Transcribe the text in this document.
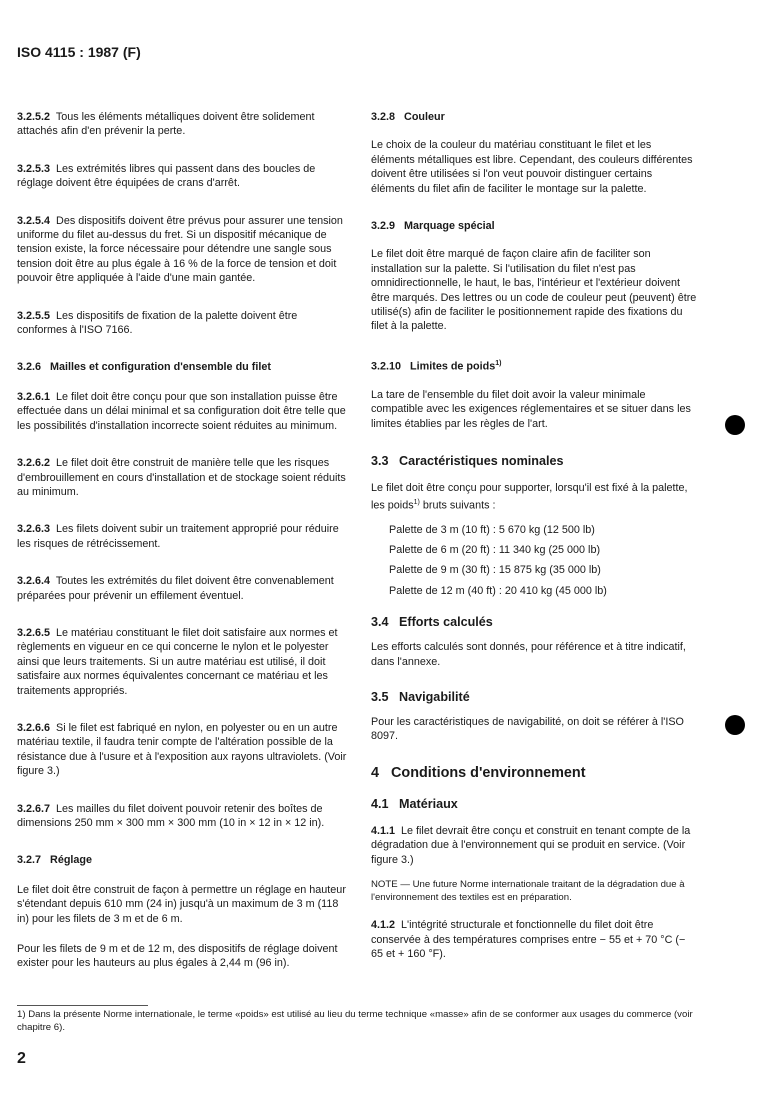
ISO 4115 : 1987 (F)

3.2.5.2 Tous les éléments métalliques doivent être solidement attachés afin d'en prévenir la perte.

3.2.5.3 Les extrémités libres qui passent dans des boucles de réglage doivent être équipées de crans d'arrêt.

3.2.5.4 Des dispositifs doivent être prévus pour assurer une tension uniforme du filet au-dessus du fret. Si un dispositif mécanique de tension existe, la force nécessaire pour détendre une sangle sous tension doit être au plus égale à 16 % de la force de tension et doit pouvoir être appliquée à l'aide d'une main gantée.

3.2.5.5 Les dispositifs de fixation de la palette doivent être conformes à l'ISO 7166.

3.2.6 Mailles et configuration d'ensemble du filet

3.2.6.1 Le filet doit être conçu pour que son installation puisse être effectuée dans un délai minimal et sa configuration doit être telle que les possibilités d'installation incorrecte soient réduites au minimum.

3.2.6.2 Le filet doit être construit de manière telle que les risques d'embrouillement en cours d'installation et de stockage soient réduits au minimum.

3.2.6.3 Les filets doivent subir un traitement approprié pour réduire les risques de rétrécissement.

3.2.6.4 Toutes les extrémités du filet doivent être convenablement préparées pour prévenir un effilement éventuel.

3.2.6.5 Le matériau constituant le filet doit satisfaire aux normes et règlements en vigueur en ce qui concerne le nylon et le polyester ainsi que leurs traitements. Si un autre matériau est utilisé, il doit satisfaire aux normes équivalentes concernant ce matériau et les traitements appropriés.

3.2.6.6 Si le filet est fabriqué en nylon, en polyester ou en un autre matériau textile, il faudra tenir compte de l'altération possible de la résistance due à l'usure et à l'exposition aux rayons ultraviolets. (Voir figure 3.)

3.2.6.7 Les mailles du filet doivent pouvoir retenir des boîtes de dimensions 250 mm × 300 mm × 300 mm (10 in × 12 in × 12 in).

3.2.7 Réglage

Le filet doit être construit de façon à permettre un réglage en hauteur s'étendant depuis 610 mm (24 in) jusqu'à un maximum de 3 m (118 in) pour les filets de 3 m et de 6 m.

Pour les filets de 9 m et de 12 m, des dispositifs de réglage doivent exister pour les hauteurs au plus égales à 2,44 m (96 in).

3.2.8 Couleur

Le choix de la couleur du matériau constituant le filet et les éléments métalliques est libre. Cependant, des couleurs différentes doivent être utilisées si l'on veut pouvoir distinguer certains éléments du filet afin de faciliter le montage sur la palette.

3.2.9 Marquage spécial

Le filet doit être marqué de façon claire afin de faciliter son installation sur la palette. Si l'utilisation du filet n'est pas omnidirectionnelle, le haut, le bas, l'intérieur et l'extérieur doivent être marqués. Des lettres ou un code de couleur peut (peuvent) être utilisé(s) afin de faciliter le positionnement rapide des fixations du filet à la palette.

3.2.10 Limites de poids$^{1)}$

La tare de l'ensemble du filet doit avoir la valeur minimale compatible avec les exigences réglementaires et se situer dans les limites établies par les règles de l'art.

3.3 Caractéristiques nominales

Le filet doit être conçu pour supporter, lorsqu'il est fixé à la palette, les poids$^{1)}$ bruts suivants :

Palette de 3 m (10 ft) : 5 670 kg (12 500 lb)

Palette de 6 m (20 ft) : 11 340 kg (25 000 lb)

Palette de 9 m (30 ft) : 15 875 kg (35 000 lb)

Palette de 12 m (40 ft) : 20 410 kg (45 000 lb)

3.4 Efforts calculés

Les efforts calculés sont donnés, pour référence et à titre indicatif, dans l'annexe.

3.5 Navigabilité

Pour les caractéristiques de navigabilité, on doit se référer à l'ISO 8097.

4 Conditions d'environnement

4.1 Matériaux

4.1.1 Le filet devrait être conçu et construit en tenant compte de la dégradation due à l'environnement qui se produit en service. (Voir figure 3.)

NOTE — Une future Norme internationale traitant de la dégradation due à l'environnement des textiles est en préparation.

4.1.2 L'intégrité structurale et fonctionnelle du filet doit être conservée à des températures comprises entre − 55 et + 70 °C (− 65 et + 160 °F).

1) Dans la présente Norme internationale, le terme «poids» est utilisé au lieu du terme technique «masse» afin de se conformer aux usages du commerce (voir chapitre 6).
2
